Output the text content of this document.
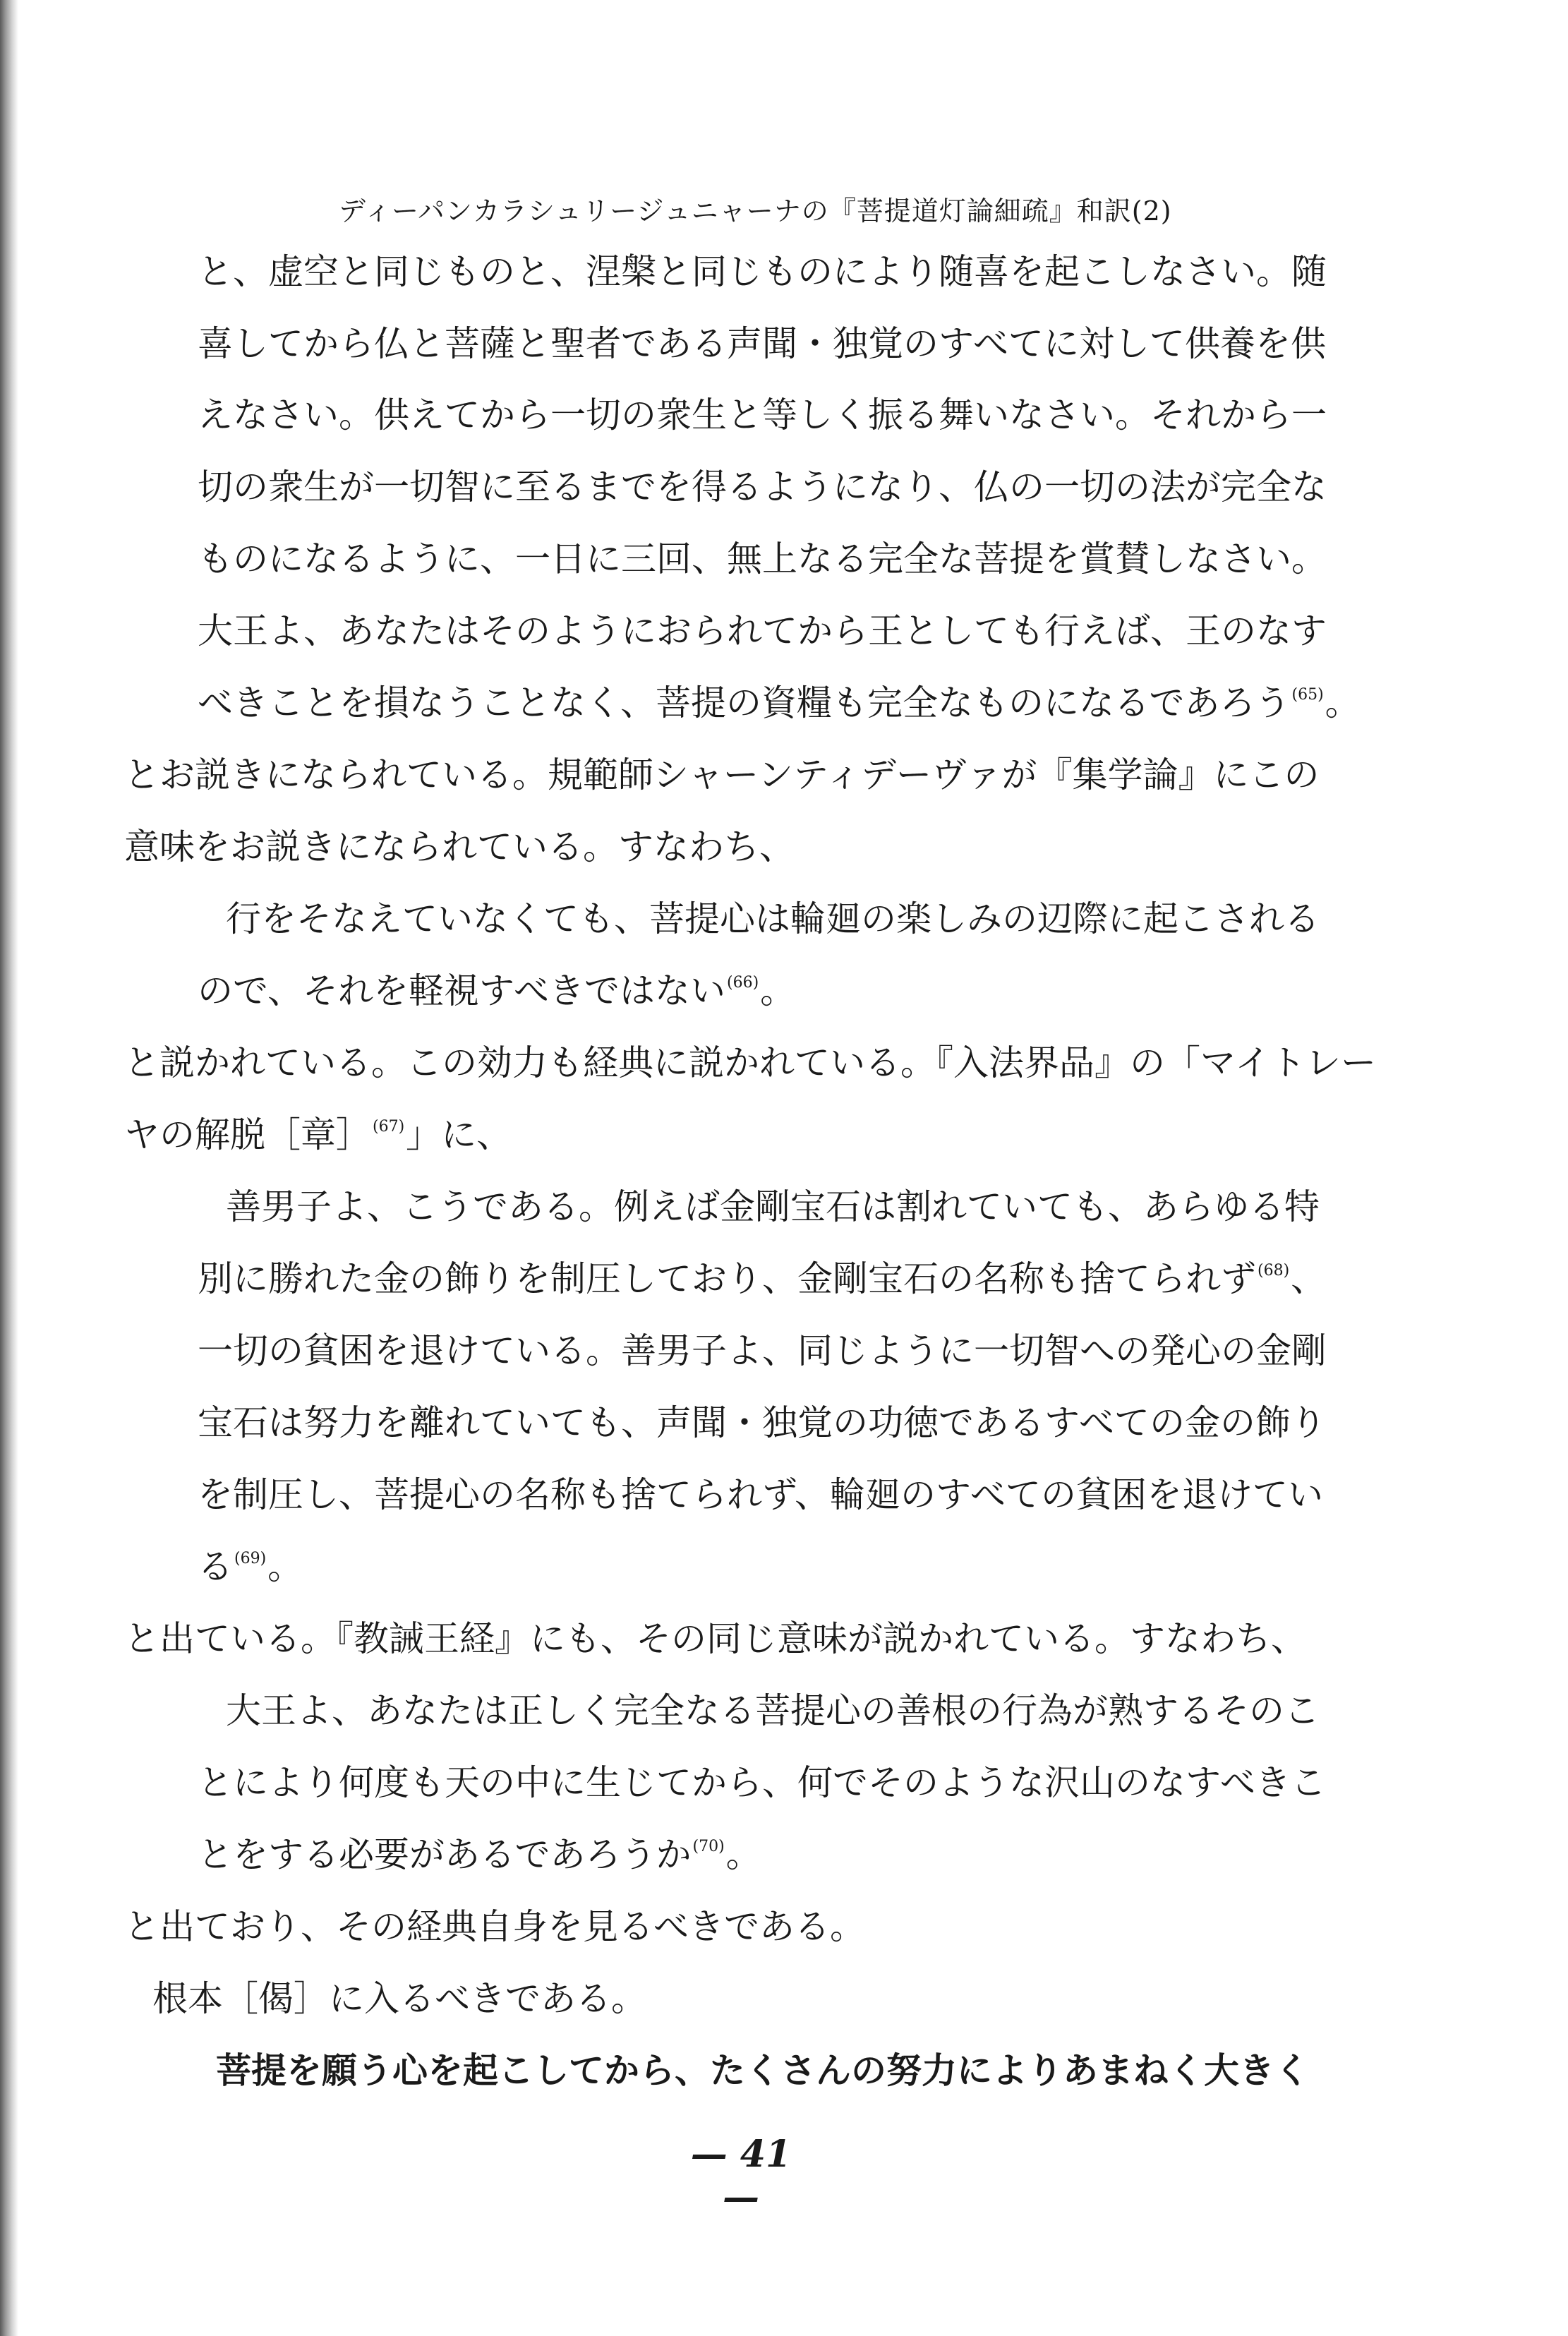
ディーパンカラシュリージュニャーナの『菩提道灯論細疏』和訳(2)
と、虚空と同じものと、涅槃と同じものにより随喜を起こしなさい。随
喜してから仏と菩薩と聖者である声聞・独覚のすべてに対して供養を供
えなさい。供えてから一切の衆生と等しく振る舞いなさい。それから一
切の衆生が一切智に至るまでを得るようになり、仏の一切の法が完全な
ものになるように、一日に三回、無上なる完全な菩提を賞賛しなさい。
大王よ、あなたはそのようにおられてから王としても行えば、王のなす
べきことを損なうことなく、菩提の資糧も完全なものになるであろう$^{(65)}$。
とお説きになられている。規範師シャーンティデーヴァが『集学論』にこの
意味をお説きになられている。すなわち、
行をそなえていなくても、菩提心は輪廻の楽しみの辺際に起こされる
ので、それを軽視すべきではない$^{(66)}$。
と説かれている。この効力も経典に説かれている。『入法界品』の「マイトレー
ヤの解脱［章］$^{(67)}$」に、
善男子よ、こうである。例えば金剛宝石は割れていても、あらゆる特
別に勝れた金の飾りを制圧しており、金剛宝石の名称も捨てられず$^{(68)}$、
一切の貧困を退けている。善男子よ、同じように一切智への発心の金剛
宝石は努力を離れていても、声聞・独覚の功徳であるすべての金の飾り
を制圧し、菩提心の名称も捨てられず、輪廻のすべての貧困を退けてい
る$^{(69)}$。
と出ている。『教誡王経』にも、その同じ意味が説かれている。すなわち、
大王よ、あなたは正しく完全なる菩提心の善根の行為が熟するそのこ
とにより何度も天の中に生じてから、何でそのような沢山のなすべきこ
とをする必要があるであろうか$^{(70)}$。
と出ており、その経典自身を見るべきである。
根本［偈］に入るべきである。
菩提を願う心を起こしてから、たくさんの努力によりあまねく大きく
— 41 —
